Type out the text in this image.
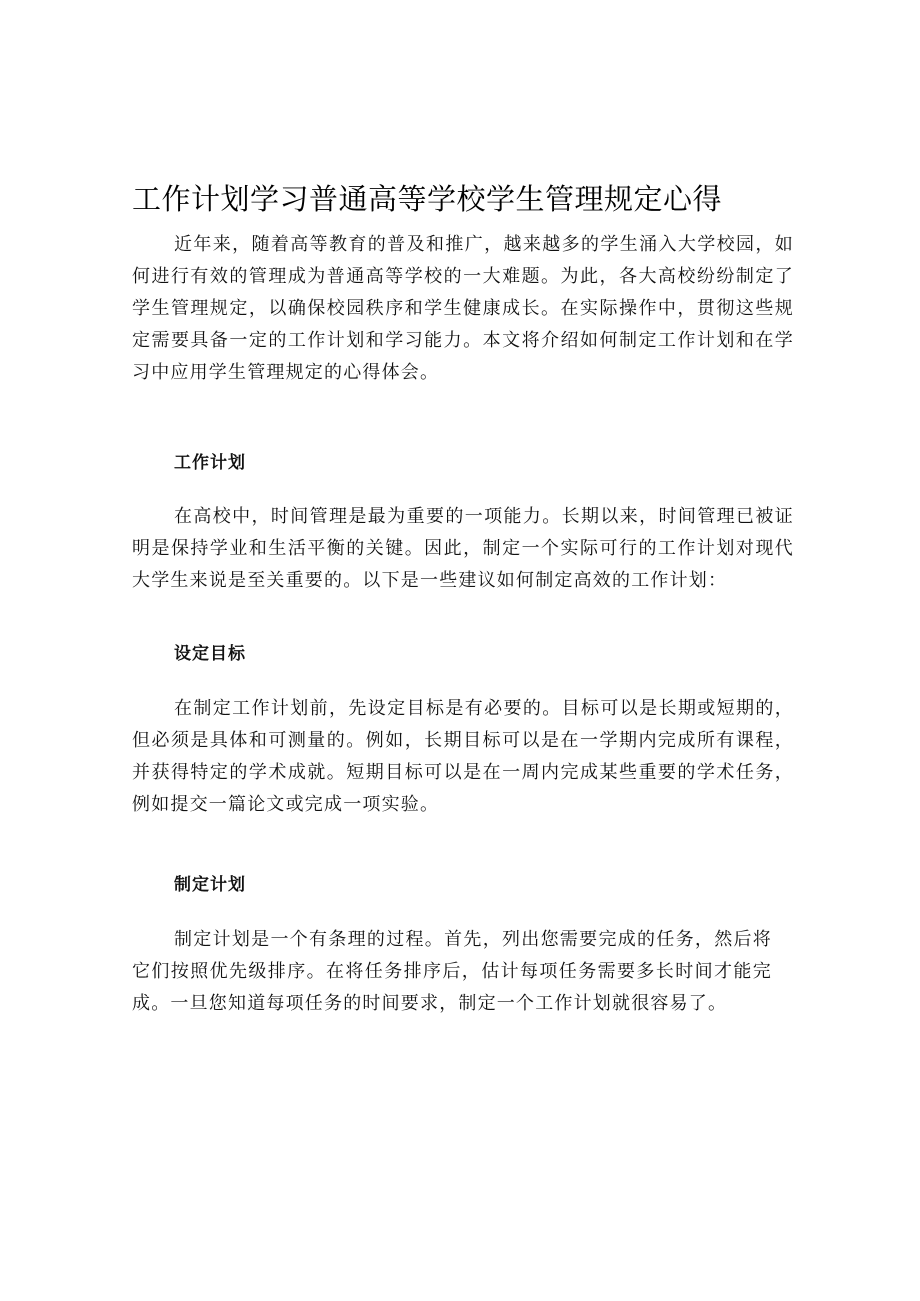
工作计划学习普通高等学校学生管理规定心得

近年来，随着高等教育的普及和推广，越来越多的学生涌入大学校园，如何进行有效的管理成为普通高等学校的一大难题。为此，各大高校纷纷制定了学生管理规定，以确保校园秩序和学生健康成长。在实际操作中，贯彻这些规定需要具备一定的工作计划和学习能力。本文将介绍如何制定工作计划和在学习中应用学生管理规定的心得体会。

工作计划

在高校中，时间管理是最为重要的一项能力。长期以来，时间管理已被证明是保持学业和生活平衡的关键。因此，制定一个实际可行的工作计划对现代大学生来说是至关重要的。以下是一些建议如何制定高效的工作计划：

设定目标

在制定工作计划前，先设定目标是有必要的。目标可以是长期或短期的，但必须是具体和可测量的。例如，长期目标可以是在一学期内完成所有课程，并获得特定的学术成就。短期目标可以是在一周内完成某些重要的学术任务，例如提交一篇论文或完成一项实验。

制定计划

制定计划是一个有条理的过程。首先，列出您需要完成的任务，然后将它们按照优先级排序。在将任务排序后，估计每项任务需要多长时间才能完成。一旦您知道每项任务的时间要求，制定一个工作计划就很容易了。
